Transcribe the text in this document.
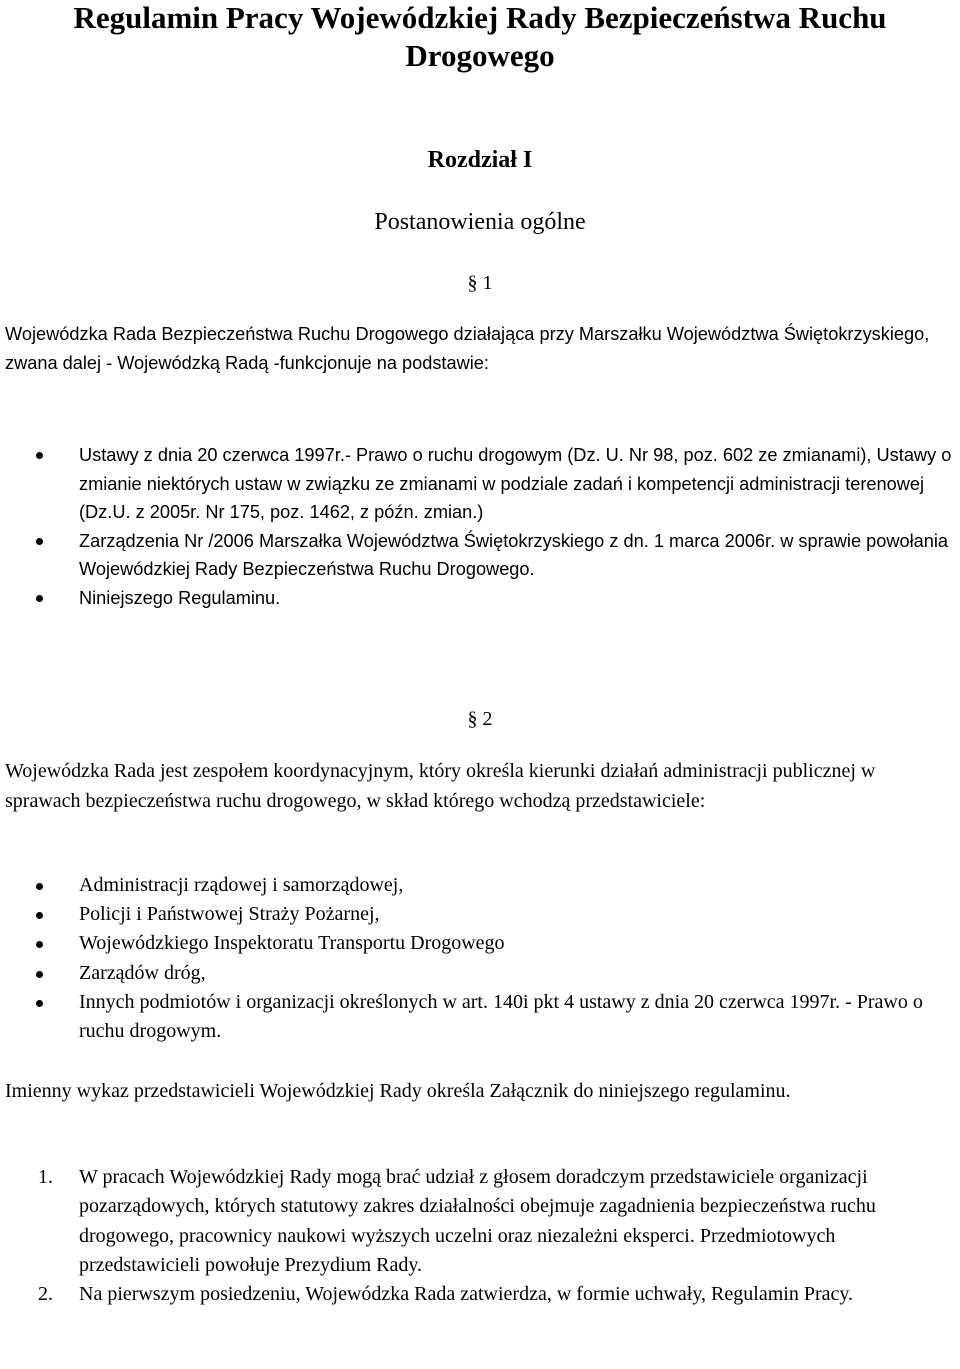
Regulamin Pracy Wojewódzkiej Rady Bezpieczeństwa Ruchu Drogowego
Rozdział I
Postanowienia ogólne
§ 1

Wojewódzka Rada Bezpieczeństwa Ruchu Drogowego działająca przy Marszałku Województwa Świętokrzyskiego, zwana dalej - Wojewódzką Radą -funkcjonuje na podstawie:

Ustawy z dnia 20 czerwca 1997r.- Prawo o ruchu drogowym (Dz. U. Nr 98, poz. 602 ze zmianami), Ustawy o zmianie niektórych ustaw w związku ze zmianami w podziale zadań i kompetencji administracji terenowej (Dz.U. z 2005r. Nr 175, poz. 1462, z późn. zmian.)
Zarządzenia Nr /2006 Marszałka Województwa Świętokrzyskiego z dn. 1 marca 2006r. w sprawie powołania Wojewódzkiej Rady Bezpieczeństwa Ruchu Drogowego.
Niniejszego Regulaminu.
§ 2

Wojewódzka Rada jest zespołem koordynacyjnym, który określa kierunki działań administracji publicznej w sprawach bezpieczeństwa ruchu drogowego, w skład którego wchodzą przedstawiciele:

Administracji rządowej i samorządowej,
Policji i Państwowej Straży Pożarnej,
Wojewódzkiego Inspektoratu Transportu Drogowego
Zarządów dróg,
Innych podmiotów i organizacji określonych w art. 140i pkt 4 ustawy z dnia 20 czerwca 1997r. - Prawo o ruchu drogowym.

Imienny wykaz przedstawicieli Wojewódzkiej Rady określa Załącznik do niniejszego regulaminu.

1. W pracach Wojewódzkiej Rady mogą brać udział z głosem doradczym przedstawiciele organizacji pozarządowych, których statutowy zakres działalności obejmuje zagadnienia bezpieczeństwa ruchu drogowego, pracownicy naukowi wyższych uczelni oraz niezależni eksperci. Przedmiotowych przedstawicieli powołuje Prezydium Rady.
2. Na pierwszym posiedzeniu, Wojewódzka Rada zatwierdza, w formie uchwały, Regulamin Pracy.
